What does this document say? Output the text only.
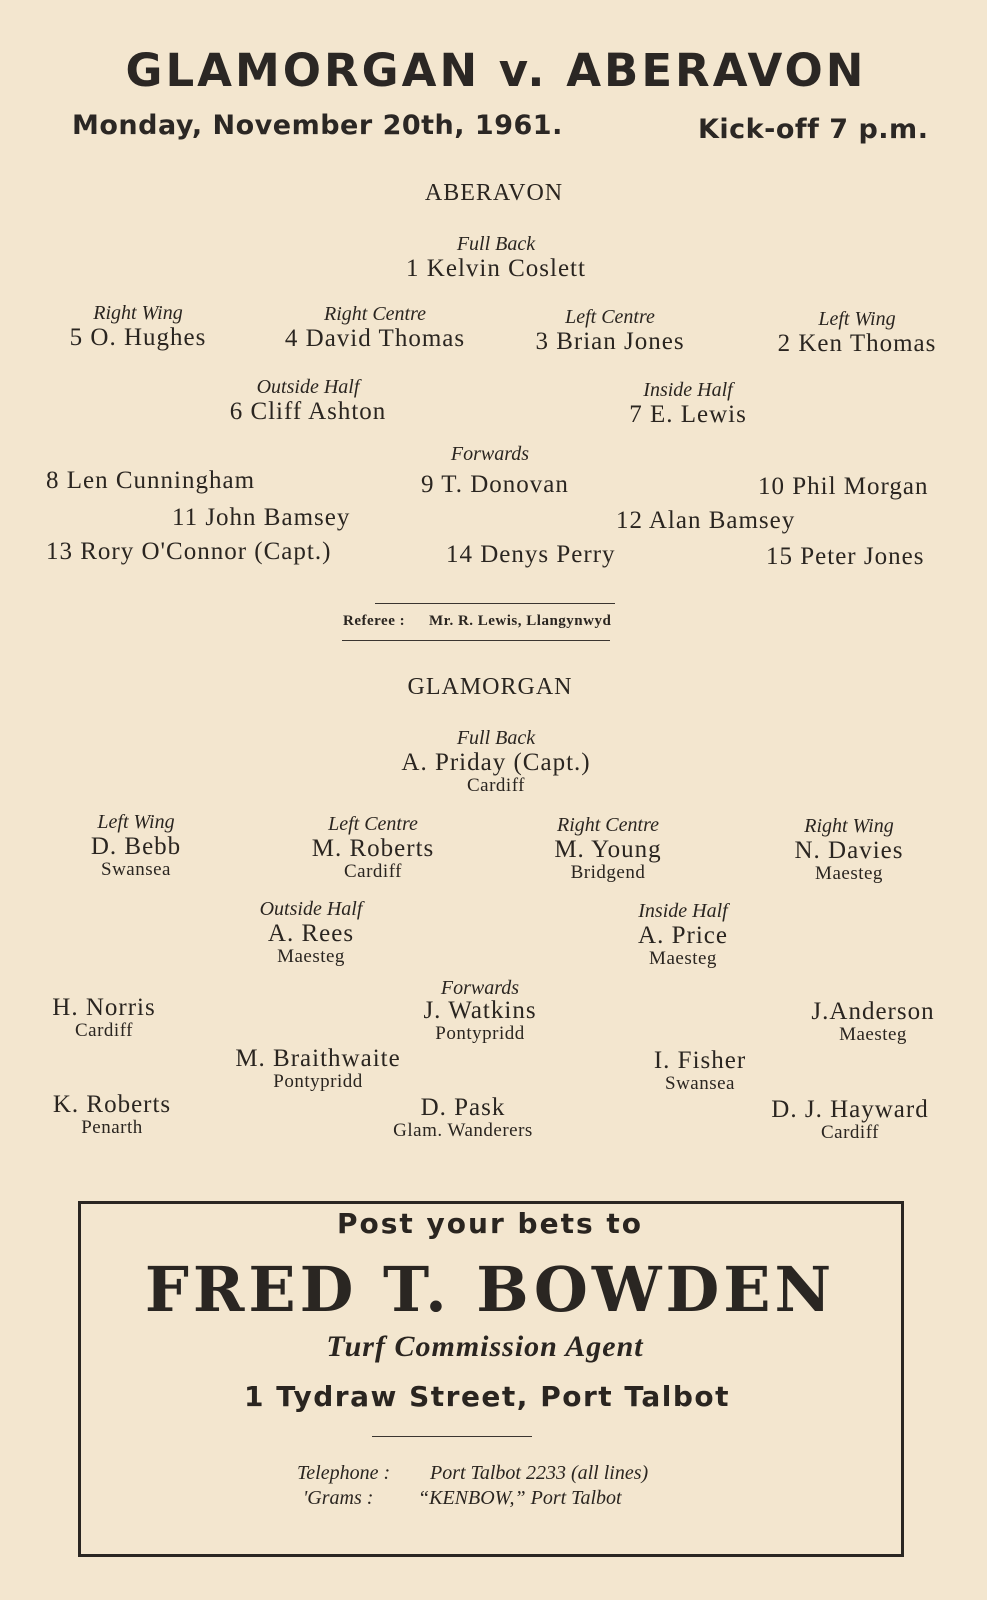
GLAMORGAN v. ABERAVON
Monday, November 20th, 1961.	Kick-off 7 p.m.
ABERAVON
Full Back
1 Kelvin Coslett
Right Wing
5 O. Hughes
Right Centre
4 David Thomas
Left Centre
3 Brian Jones
Left Wing
2 Ken Thomas
Outside Half
6 Cliff Ashton
Inside Half
7 E. Lewis
Forwards
8 Len Cunningham	9 T. Donovan	10 Phil Morgan
11 John Bamsey	12 Alan Bamsey
13 Rory O'Connor (Capt.)	14 Denys Perry	15 Peter Jones
Referee : Mr. R. Lewis, Llangynwyd
GLAMORGAN
Full Back
A. Priday (Capt.)
Cardiff
Left Wing
D. Bebb
Swansea
Left Centre
M. Roberts
Cardiff
Right Centre
M. Young
Bridgend
Right Wing
N. Davies
Maesteg
Outside Half
A. Rees
Maesteg
Inside Half
A. Price
Maesteg
Forwards
H. Norris
Cardiff
J. Watkins
Pontypridd
J.Anderson
Maesteg
M. Braithwaite
Pontypridd
I. Fisher
Swansea
K. Roberts
Penarth
D. Pask
Glam. Wanderers
D. J. Hayward
Cardiff
Post your bets to
FRED T. BOWDEN
Turf Commission Agent
1 Tydraw Street, Port Talbot
Telephone : Port Talbot 2233 (all lines)
'Grams : “KENBOW,” Port Talbot
